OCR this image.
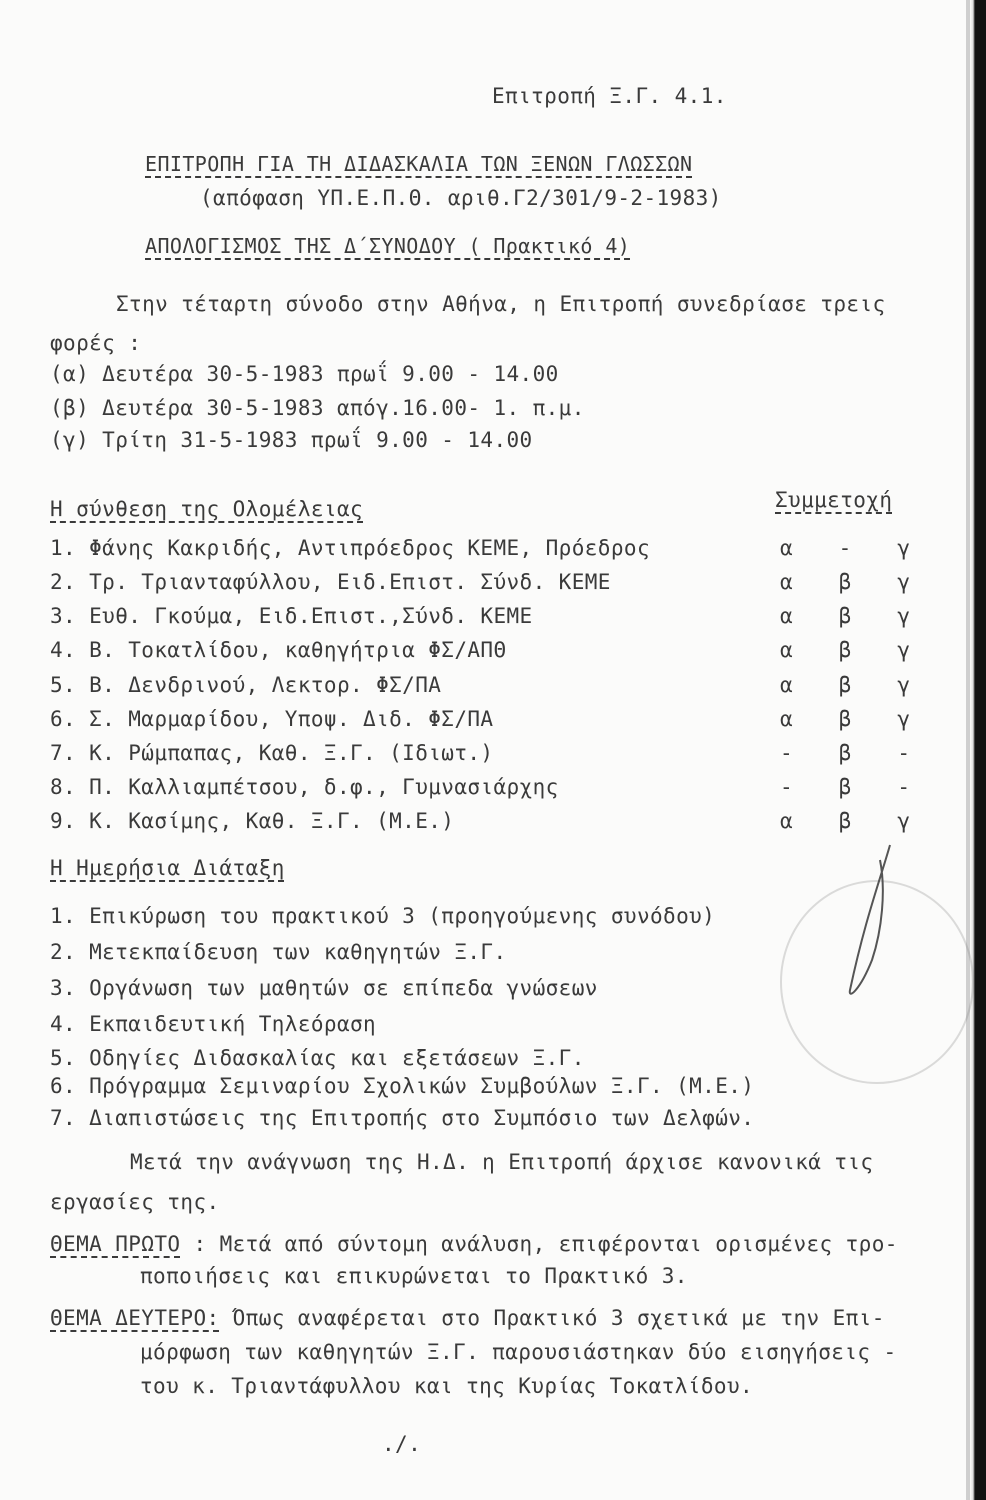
Επιτροπή Ξ.Γ. 4.1.
ΕΠΙΤΡΟΠΗ ΓΙΑ ΤΗ ΔΙΔΑΣΚΑΛΙΑ ΤΩΝ ΞΕΝΩΝ ΓΛΩΣΣΩΝ
(απόφαση ΥΠ.Ε.Π.Θ. αριθ.Γ2/301/9-2-1983)
ΑΠΟΛΟΓΙΣΜΟΣ ΤΗΣ Δ΄ΣΥΝΟΔΟΥ ( Πρακτικό 4)
Στην τέταρτη σύνοδο στην Αθήνα, η Επιτροπή συνεδρίασε τρεις
φορές :
(α) Δευτέρα 30-5-1983 πρωΐ 9.00 - 14.00
(β) Δευτέρα 30-5-1983 απόγ.16.00- 1. π.μ.
(γ) Τρίτη 31-5-1983 πρωΐ 9.00 - 14.00
Η σύνθεση της Ολομέλειας	Συμμετοχή
1. Φάνης Κακριδής, Αντιπρόεδρος ΚΕΜΕ, Πρόεδρος	α - γ
2. Τρ. Τριανταφύλλου, Ειδ.Επιστ. Σύνδ. ΚΕΜΕ	α β γ
3. Ευθ. Γκούμα, Ειδ.Επιστ.,Σύνδ. ΚΕΜΕ	α β γ
4. Β. Τοκατλίδου, καθηγήτρια ΦΣ/ΑΠΘ	α β γ
5. Β. Δενδρινού, Λεκτορ. ΦΣ/ΠΑ	α β γ
6. Σ. Μαρμαρίδου, Υποψ. Διδ. ΦΣ/ΠΑ	α β γ
7. Κ. Ρώμπαπας, Καθ. Ξ.Γ. (Ιδιωτ.)	- β -
8. Π. Καλλιαμπέτσου, δ.φ., Γυμνασιάρχης	- β -
9. Κ. Κασίμης, Καθ. Ξ.Γ. (Μ.Ε.)	α β γ
Η Ημερήσια Διάταξη
1. Επικύρωση του πρακτικού 3 (προηγούμενης συνόδου)
2. Μετεκπαίδευση των καθηγητών Ξ.Γ.
3. Οργάνωση των μαθητών σε επίπεδα γνώσεων
4. Εκπαιδευτική Τηλεόραση
5. Οδηγίες Διδασκαλίας και εξετάσεων Ξ.Γ.
6. Πρόγραμμα Σεμιναρίου Σχολικών Συμβούλων Ξ.Γ. (Μ.Ε.)
7. Διαπιστώσεις της Επιτροπής στο Συμπόσιο των Δελφών.
Μετά την ανάγνωση της Η.Δ. η Επιτροπή άρχισε κανονικά τις
εργασίες της.
ΘΕΜΑ ΠΡΩΤΟ : Μετά από σύντομη ανάλυση, επιφέρονται ορισμένες τρο-
ποποιήσεις και επικυρώνεται το Πρακτικό 3.
ΘΕΜΑ ΔΕΥΤΕΡΟ: Όπως αναφέρεται στο Πρακτικό 3 σχετικά με την Επι-
μόρφωση των καθηγητών Ξ.Γ. παρουσιάστηκαν δύο εισηγήσεις -
του κ. Τριαντάφυλλου και της Κυρίας Τοκατλίδου.
./.
